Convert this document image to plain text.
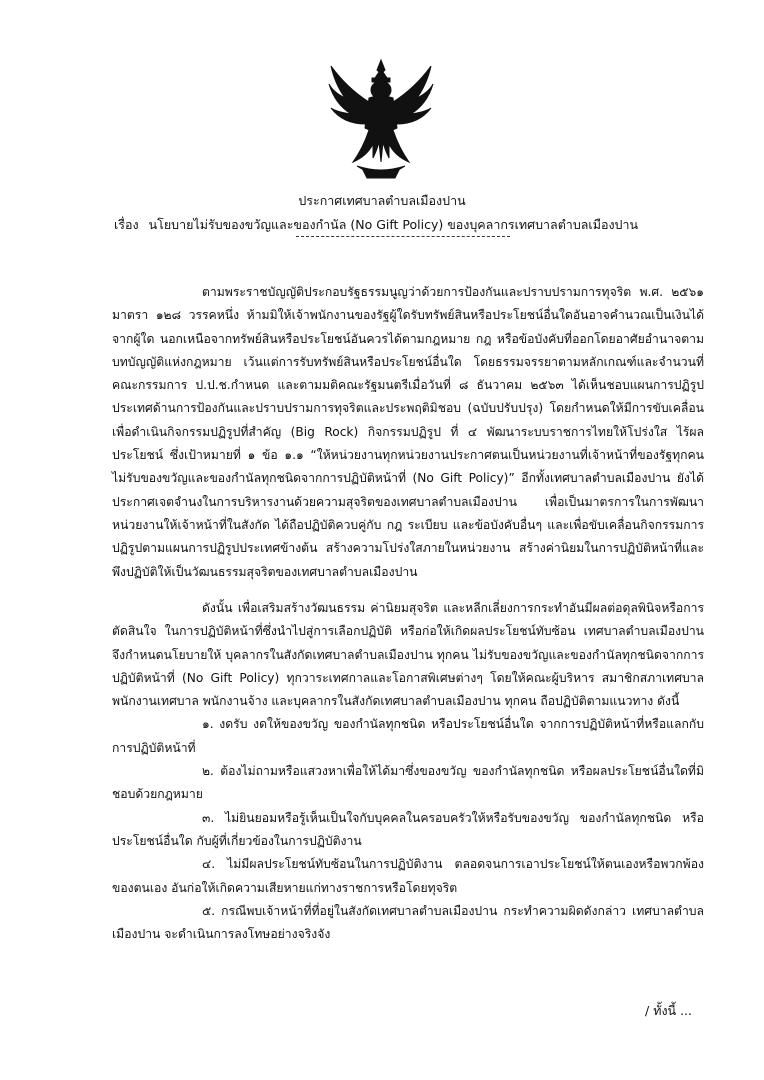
ประกาศเทศบาลตำบลเมืองปาน
เรื่อง นโยบายไม่รับของขวัญและของกำนัล (No Gift Policy) ของบุคลากรเทศบาลตำบลเมืองปาน

ตามพระราชบัญญัติประกอบรัฐธรรมนูญว่าด้วยการป้องกันและปราบปรามการทุจริต พ.ศ. ๒๕๖๑ มาตรา ๑๒๘ วรรคหนึ่ง ห้ามมิให้เจ้าพนักงานของรัฐผู้ใดรับทรัพย์สินหรือประโยชน์อื่นใดอันอาจคำนวณเป็นเงินได้จากผู้ใด นอกเหนือจากทรัพย์สินหรือประโยชน์อันควรได้ตามกฎหมาย กฎ หรือข้อบังคับที่ออกโดยอาศัยอำนาจตามบทบัญญัติแห่งกฎหมาย เว้นแต่การรับทรัพย์สินหรือประโยชน์อื่นใด โดยธรรมจรรยาตามหลักเกณฑ์และจำนวนที่คณะกรรมการ ป.ป.ช.กำหนด และตามมติคณะรัฐมนตรีเมื่อวันที่ ๘ ธันวาคม ๒๕๖๓ ได้เห็นชอบแผนการปฏิรูปประเทศด้านการป้องกันและปราบปรามการทุจริตและประพฤติมิชอบ (ฉบับปรับปรุง) โดยกำหนดให้มีการขับเคลื่อน เพื่อดำเนินกิจกรรมปฏิรูปที่สำคัญ (Big Rock) กิจกรรมปฏิรูป ที่ ๔ พัฒนาระบบราชการไทยให้โปร่งใส ไร้ผลประโยชน์ ซึ่งเป้าหมายที่ ๑ ข้อ ๑.๑ “ให้หน่วยงานทุกหน่วยงานประกาศตนเป็นหน่วยงานที่เจ้าหน้าที่ของรัฐทุกคนไม่รับของขวัญและของกำนัลทุกชนิดจากการปฏิบัติหน้าที่ (No Gift Policy)” อีกทั้งเทศบาลตำบลเมืองปาน ยังได้ประกาศเจตจำนงในการบริหารงานด้วยความสุจริตของเทศบาลตำบลเมืองปาน เพื่อเป็นมาตรการในการพัฒนาหน่วยงานให้เจ้าหน้าที่ในสังกัด ได้ถือปฏิบัติควบคู่กับ กฎ ระเบียบ และข้อบังคับอื่นๆ และเพื่อขับเคลื่อนกิจกรรมการปฏิรูปตามแผนการปฏิรูปประเทศข้างต้น สร้างความโปร่งใสภายในหน่วยงาน สร้างค่านิยมในการปฏิบัติหน้าที่และพึงปฏิบัติให้เป็นวัฒนธรรมสุจริตของเทศบาลตำบลเมืองปาน

ดังนั้น เพื่อเสริมสร้างวัฒนธรรม ค่านิยมสุจริต และหลีกเลี่ยงการกระทำอันมีผลต่อดุลพินิจหรือการตัดสินใจ ในการปฏิบัติหน้าที่ซึ่งนำไปสู่การเลือกปฏิบัติ หรือก่อให้เกิดผลประโยชน์ทับซ้อน เทศบาลตำบลเมืองปาน จึงกำหนดนโยบายให้ บุคลากรในสังกัดเทศบาลตำบลเมืองปาน ทุกคน ไม่รับของขวัญและของกำนัลทุกชนิดจากการปฏิบัติหน้าที่ (No Gift Policy) ทุกวาระเทศกาลและโอกาสพิเศษต่างๆ โดยให้คณะผู้บริหาร สมาชิกสภาเทศบาล พนักงานเทศบาล พนักงานจ้าง และบุคลากรในสังกัดเทศบาลตำบลเมืองปาน ทุกคน ถือปฏิบัติตามแนวทาง ดังนี้

๑. งดรับ งดให้ของขวัญ ของกำนัลทุกชนิด หรือประโยชน์อื่นใด จากการปฏิบัติหน้าที่หรือแลกกับการปฏิบัติหน้าที่

๒. ต้องไม่ถามหรือแสวงหาเพื่อให้ได้มาซึ่งของขวัญ ของกำนัลทุกชนิด หรือผลประโยชน์อื่นใดที่มิชอบด้วยกฎหมาย

๓. ไม่ยินยอมหรือรู้เห็นเป็นใจกับบุคคลในครอบครัวให้หรือรับของขวัญ ของกำนัลทุกชนิด หรือประโยชน์อื่นใด กับผู้ที่เกี่ยวข้องในการปฏิบัติงาน

๔. ไม่มีผลประโยชน์ทับซ้อนในการปฏิบัติงาน ตลอดจนการเอาประโยชน์ให้ตนเองหรือพวกพ้องของตนเอง อันก่อให้เกิดความเสียหายแก่ทางราชการหรือโดยทุจริต

๕. กรณีพบเจ้าหน้าที่ที่อยู่ในสังกัดเทศบาลตำบลเมืองปาน กระทำความผิดดังกล่าว เทศบาลตำบลเมืองปาน จะดำเนินการลงโทษอย่างจริงจัง

/ ทั้งนี้ ...
